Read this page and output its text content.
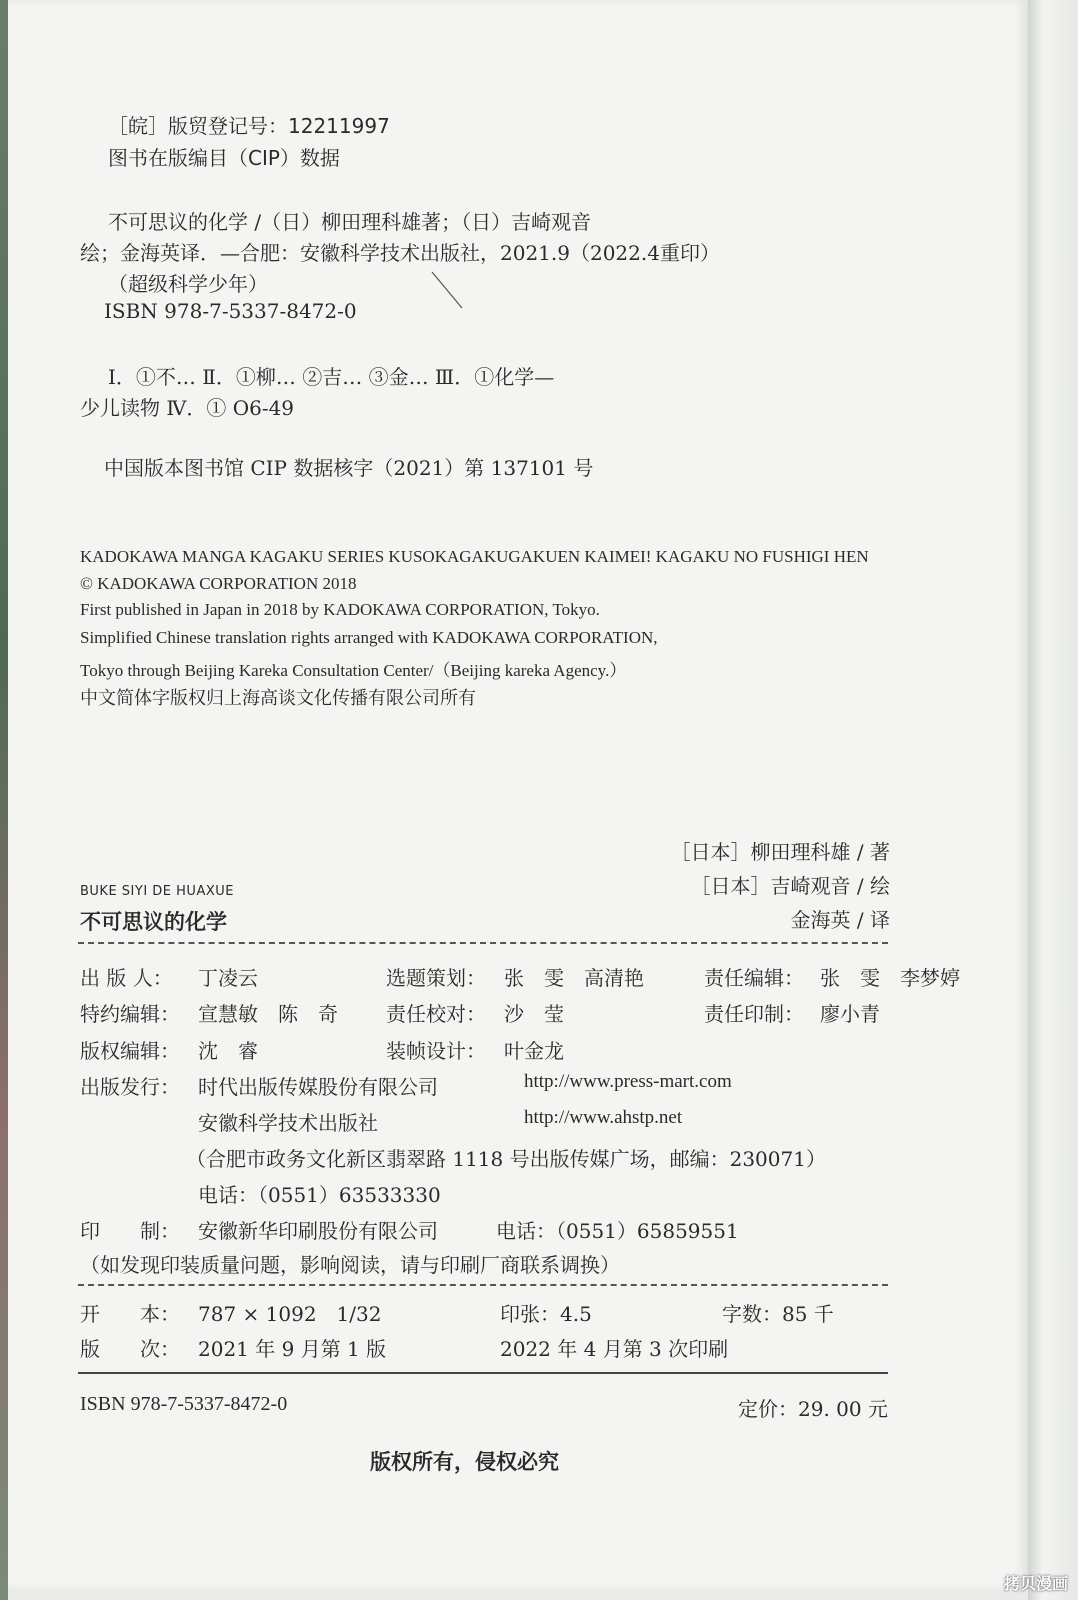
［皖］版贸登记号：12211997
图书在版编目（CIP）数据
不可思议的化学 /（日）柳田理科雄著；（日）吉崎观音
绘；金海英译．—合肥：安徽科学技术出版社，2021.9（2022.4重印）
（超级科学少年）
ISBN 978-7-5337-8472-0
Ⅰ．①不… Ⅱ．①柳… ②吉… ③金… Ⅲ．①化学—
少儿读物 Ⅳ．① O6-49
中国版本图书馆 CIP 数据核字（2021）第 137101 号
KADOKAWA MANGA KAGAKU SERIES KUSOKAGAKUGAKUEN KAIMEI! KAGAKU NO FUSHIGI HEN
© KADOKAWA CORPORATION 2018
First published in Japan in 2018 by KADOKAWA CORPORATION, Tokyo.
Simplified Chinese translation rights arranged with KADOKAWA CORPORATION,
Tokyo through Beijing Kareka Consultation Center/（Beijing kareka Agency.）
中文简体字版权归上海高谈文化传播有限公司所有
［日本］柳田理科雄 / 著
［日本］吉崎观音 / 绘
金海英 / 译
BUKE SIYI DE HUAXUE
不可思议的化学
出 版 人： 丁凌云	选题策划： 张　雯　高清艳	责任编辑： 张　雯　李梦婷
特约编辑： 宣慧敏　陈　奇 责任校对： 沙　莹	责任印制： 廖小青
版权编辑： 沈　睿	装帧设计： 叶金龙
出版发行： 时代出版传媒股份有限公司	http://www.press-mart.com
安徽科学技术出版社	http://www.ahstp.net
（合肥市政务文化新区翡翠路 1118 号出版传媒广场，邮编：230071）
电话：（0551）63533330
印　　制： 安徽新华印刷股份有限公司	电话：（0551）65859551
（如发现印装质量问题，影响阅读，请与印刷厂商联系调换）
开　　本： 787 × 1092　1/32	印张：4.5	字数：85 千
版　　次： 2021 年 9 月第 1 版	2022 年 4 月第 3 次印刷
ISBN 978-7-5337-8472-0	定价：29. 00 元
版权所有，侵权必究
拷贝漫画
